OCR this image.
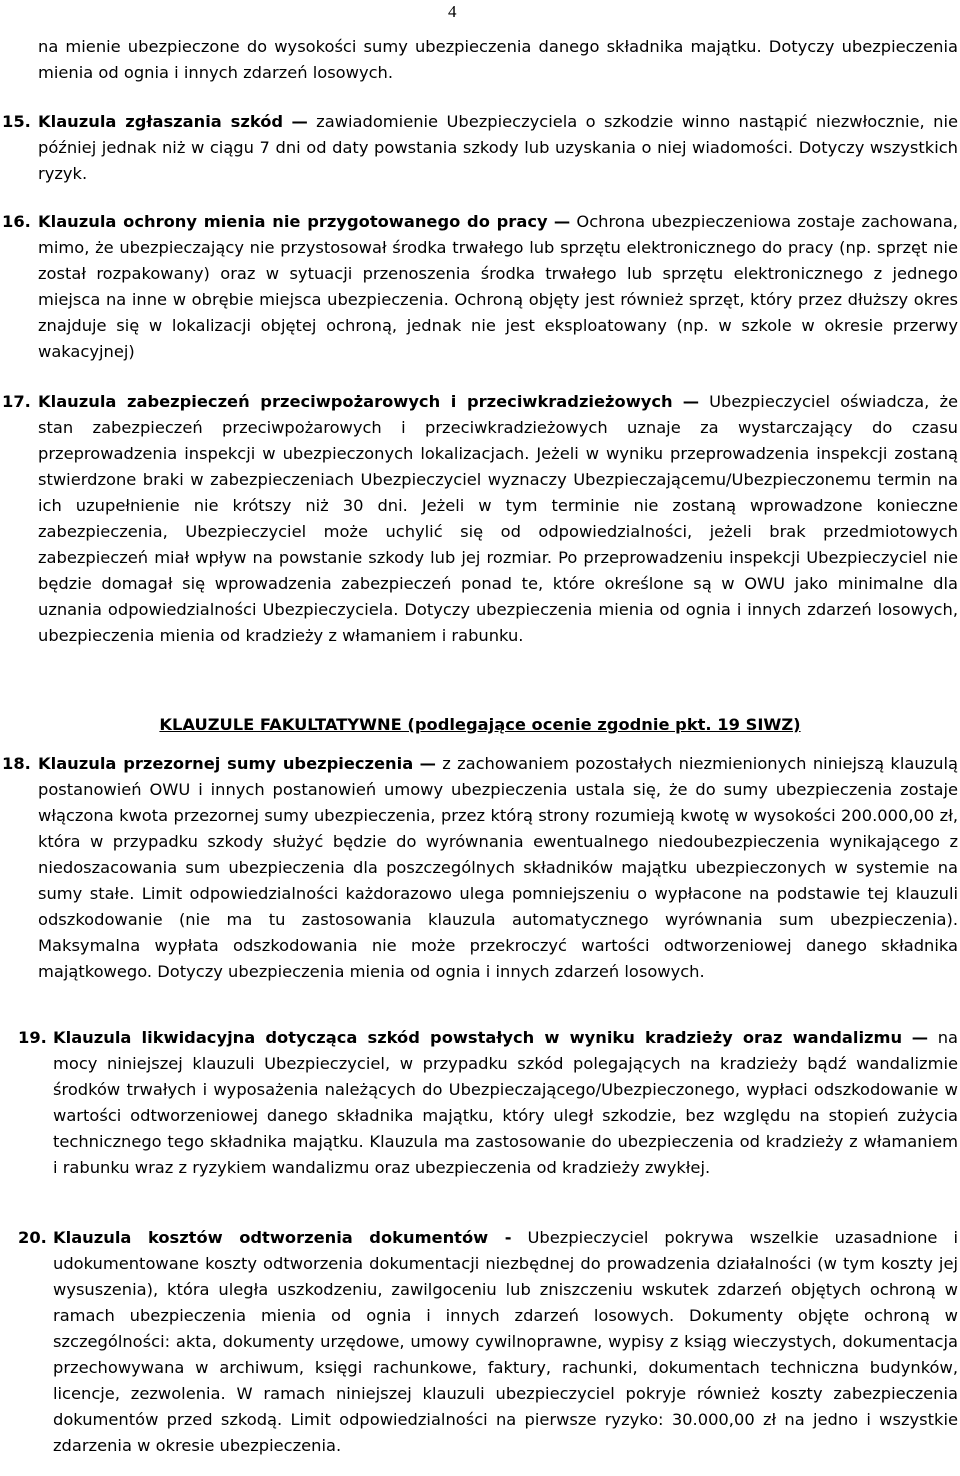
4
na mienie ubezpieczone do wysokości sumy ubezpieczenia danego składnika majątku. Dotyczy ubezpieczenia mienia od ognia i innych zdarzeń losowych.
15. Klauzula zgłaszania szkód — zawiadomienie Ubezpieczyciela o szkodzie winno nastąpić niezwłocznie, nie później jednak niż w ciągu 7 dni od daty powstania szkody lub uzyskania o niej wiadomości. Dotyczy wszystkich ryzyk.
16. Klauzula ochrony mienia nie przygotowanego do pracy — Ochrona ubezpieczeniowa zostaje zachowana, mimo, że ubezpieczający nie przystosował środka trwałego lub sprzętu elektronicznego do pracy (np. sprzęt nie został rozpakowany) oraz w sytuacji przenoszenia środka trwałego lub sprzętu elektronicznego z jednego miejsca na inne w obrębie miejsca ubezpieczenia. Ochroną objęty jest również sprzęt, który przez dłuższy okres znajduje się w lokalizacji objętej ochroną, jednak nie jest eksploatowany (np. w szkole w okresie przerwy wakacyjnej)
17. Klauzula zabezpieczeń przeciwpożarowych i przeciwkradzieżowych — Ubezpieczyciel oświadcza, że stan zabezpieczeń przeciwpożarowych i przeciwkradzieżowych uznaje za wystarczający do czasu przeprowadzenia inspekcji w ubezpieczonych lokalizacjach. Jeżeli w wyniku przeprowadzenia inspekcji zostaną stwierdzone braki w zabezpieczeniach Ubezpieczyciel wyznaczy Ubezpieczającemu/Ubezpieczonemu termin na ich uzupełnienie nie krótszy niż 30 dni. Jeżeli w tym terminie nie zostaną wprowadzone konieczne zabezpieczenia, Ubezpieczyciel może uchylić się od odpowiedzialności, jeżeli brak przedmiotowych zabezpieczeń miał wpływ na powstanie szkody lub jej rozmiar. Po przeprowadzeniu inspekcji Ubezpieczyciel nie będzie domagał się wprowadzenia zabezpieczeń ponad te, które określone są w OWU jako minimalne dla uznania odpowiedzialności Ubezpieczyciela. Dotyczy ubezpieczenia mienia od ognia i innych zdarzeń losowych, ubezpieczenia mienia od kradzieży z włamaniem i rabunku.
KLAUZULE FAKULTATYWNE (podlegające ocenie zgodnie pkt. 19 SIWZ)
18. Klauzula przezornej sumy ubezpieczenia — z zachowaniem pozostałych niezmienionych niniejszą klauzulą postanowień OWU i innych postanowień umowy ubezpieczenia ustala się, że do sumy ubezpieczenia zostaje włączona kwota przezornej sumy ubezpieczenia, przez którą strony rozumieją kwotę w wysokości 200.000,00 zł, która w przypadku szkody służyć będzie do wyrównania ewentualnego niedoubezpieczenia wynikającego z niedoszacowania sum ubezpieczenia dla poszczególnych składników majątku ubezpieczonych w systemie na sumy stałe. Limit odpowiedzialności każdorazowo ulega pomniejszeniu o wypłacone na podstawie tej klauzuli odszkodowanie (nie ma tu zastosowania klauzula automatycznego wyrównania sum ubezpieczenia). Maksymalna wypłata odszkodowania nie może przekroczyć wartości odtworzeniowej danego składnika majątkowego. Dotyczy ubezpieczenia mienia od ognia i innych zdarzeń losowych.
19. Klauzula likwidacyjna dotycząca szkód powstałych w wyniku kradzieży oraz wandalizmu — na mocy niniejszej klauzuli Ubezpieczyciel, w przypadku szkód polegających na kradzieży bądź wandalizmie środków trwałych i wyposażenia należących do Ubezpieczającego/Ubezpieczonego, wypłaci odszkodowanie w wartości odtworzeniowej danego składnika majątku, który uległ szkodzie, bez względu na stopień zużycia technicznego tego składnika majątku. Klauzula ma zastosowanie do ubezpieczenia od kradzieży z włamaniem i rabunku wraz z ryzykiem wandalizmu oraz ubezpieczenia od kradzieży zwykłej.
20. Klauzula kosztów odtworzenia dokumentów - Ubezpieczyciel pokrywa wszelkie uzasadnione i udokumentowane koszty odtworzenia dokumentacji niezbędnej do prowadzenia działalności (w tym koszty jej wysuszenia), która uległa uszkodzeniu, zawilgoceniu lub zniszczeniu wskutek zdarzeń objętych ochroną w ramach ubezpieczenia mienia od ognia i innych zdarzeń losowych. Dokumenty objęte ochroną w szczególności: akta, dokumenty urzędowe, umowy cywilnoprawne, wypisy z ksiąg wieczystych, dokumentacja przechowywana w archiwum, księgi rachunkowe, faktury, rachunki, dokumentach techniczna budynków, licencje, zezwolenia. W ramach niniejszej klauzuli ubezpieczyciel pokryje również koszty zabezpieczenia dokumentów przed szkodą. Limit odpowiedzialności na pierwsze ryzyko: 30.000,00 zł na jedno i wszystkie zdarzenia w okresie ubezpieczenia.
